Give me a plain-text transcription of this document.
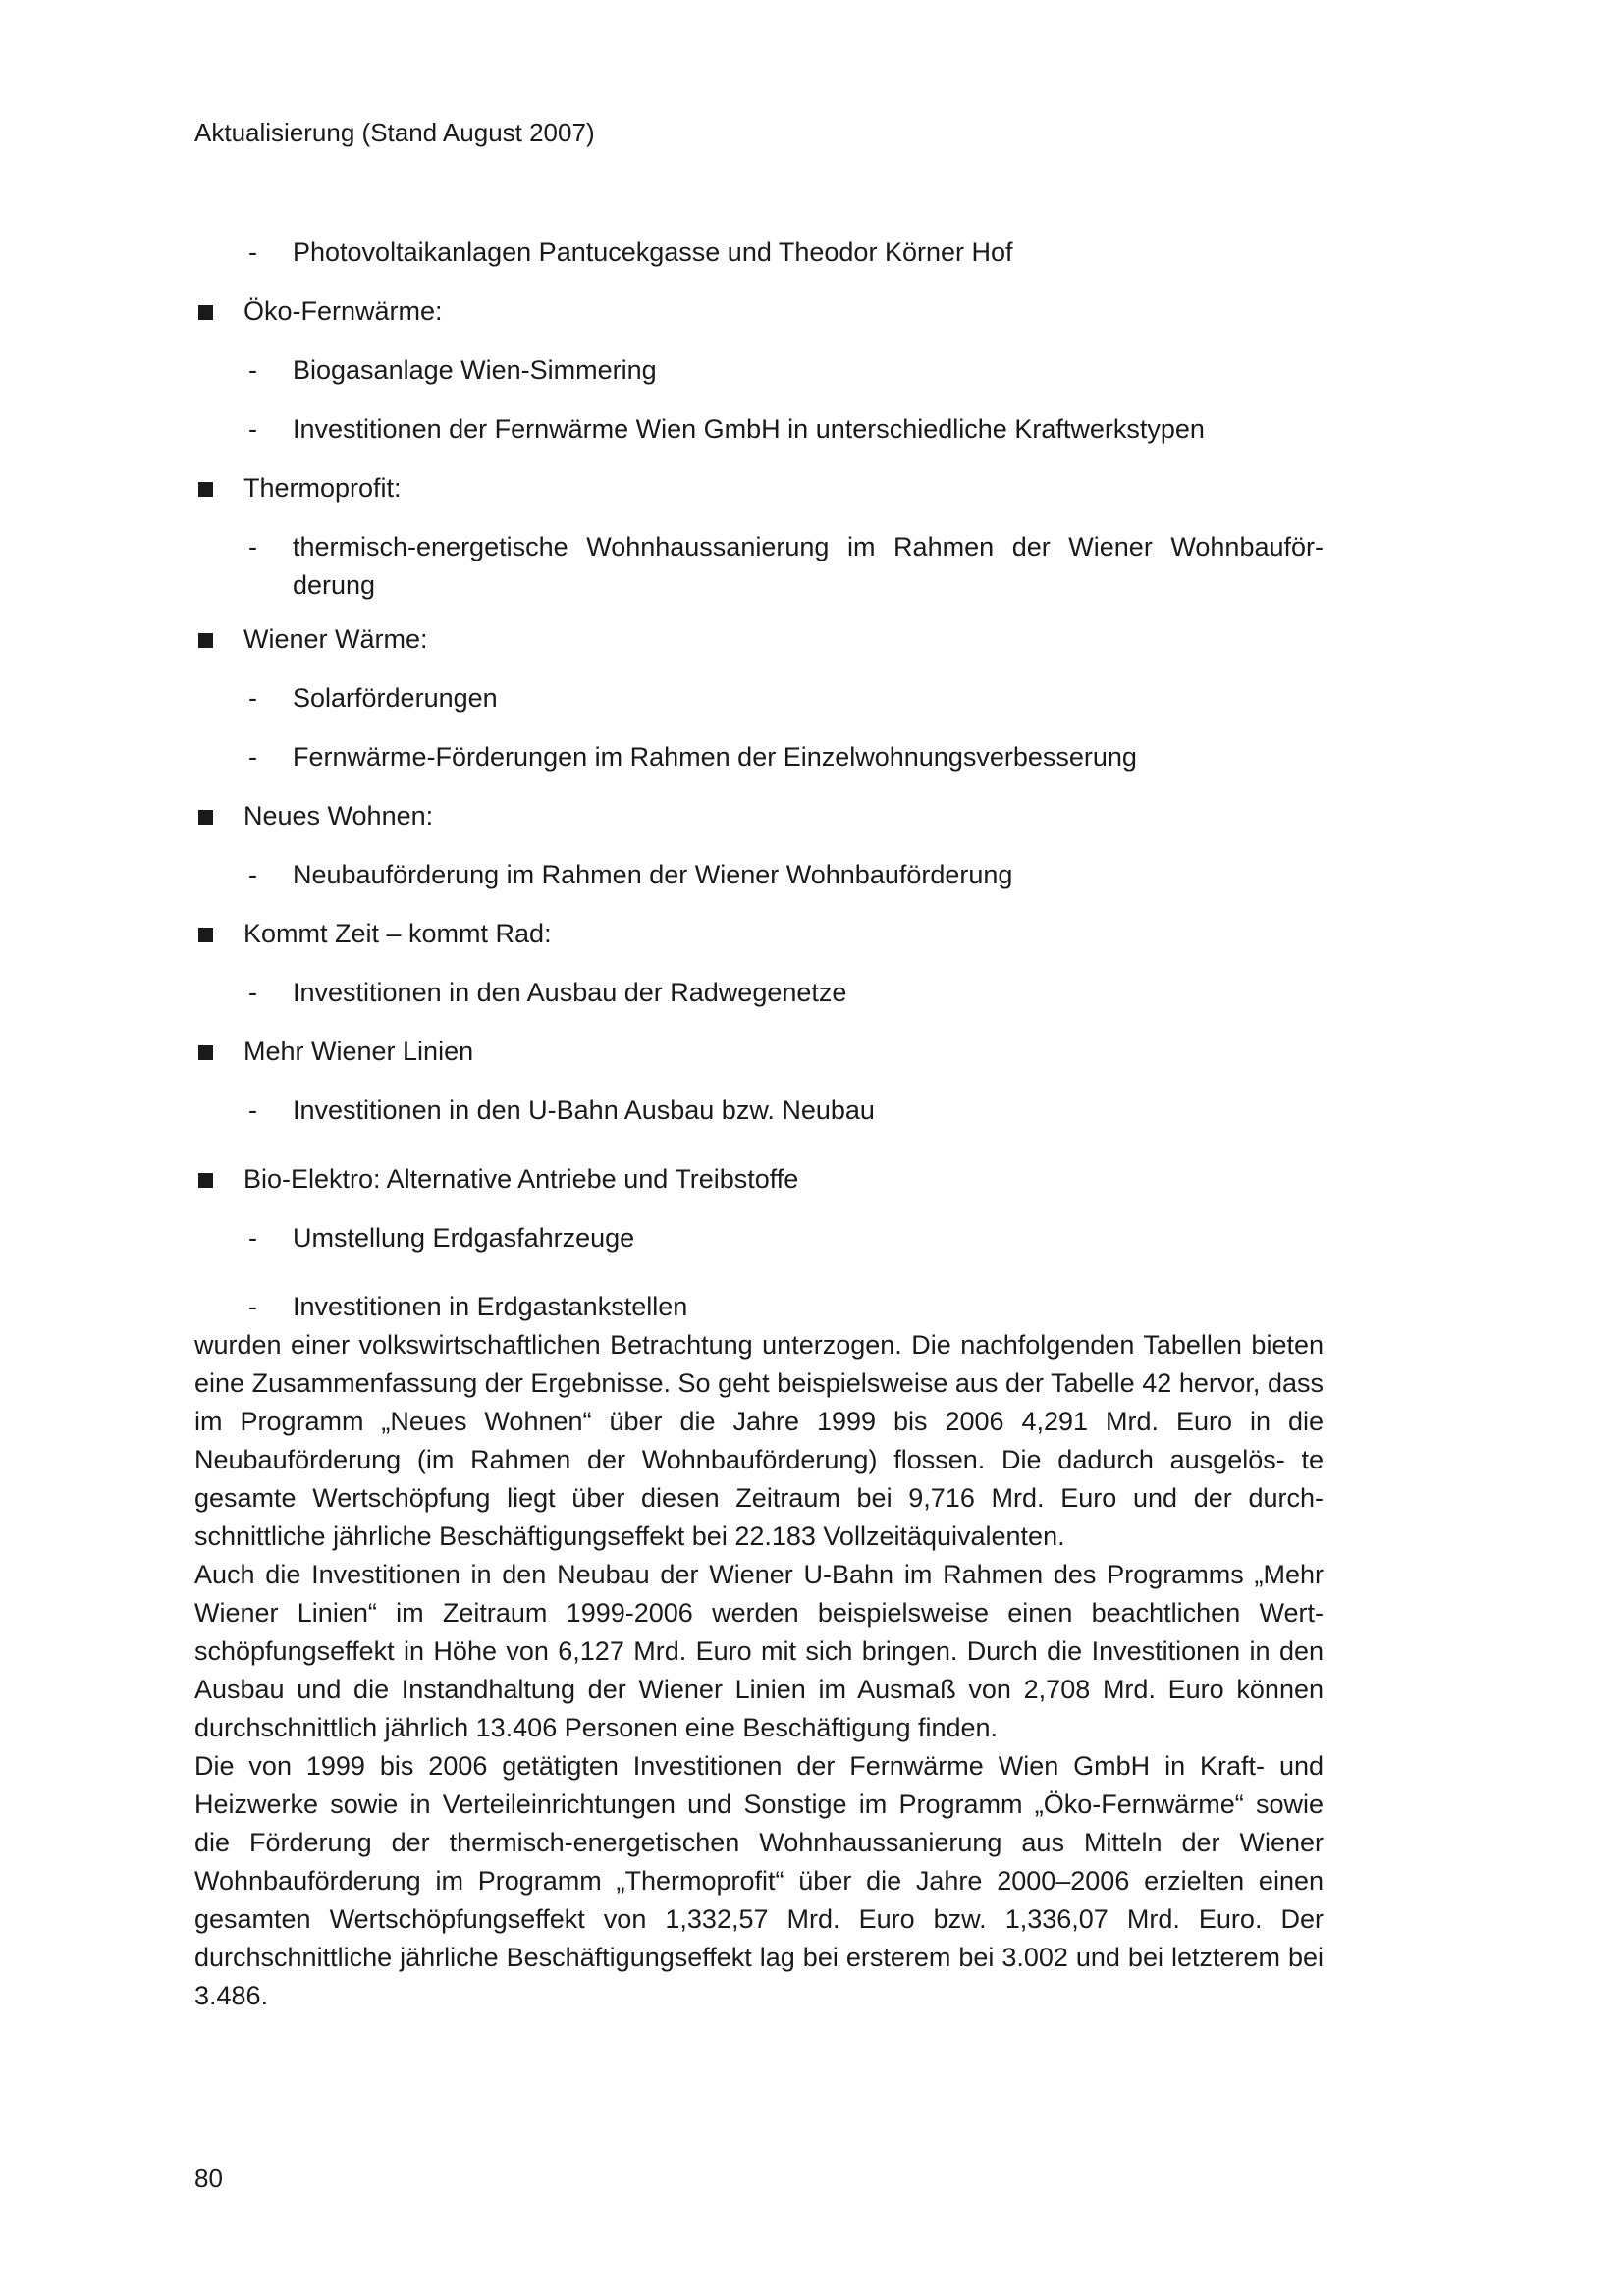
Aktualisierung (Stand August 2007)
- Photovoltaikanlagen Pantucekgasse und Theodor Körner Hof
Öko-Fernwärme:
- Biogasanlage Wien-Simmering
- Investitionen der Fernwärme Wien GmbH in unterschiedliche Kraftwerkstypen
Thermoprofit:
- thermisch-energetische Wohnhaussanierung im Rahmen der Wiener Wohnbauför- derung
Wiener Wärme:
- Solarförderungen
- Fernwärme-Förderungen im Rahmen der Einzelwohnungsverbesserung
Neues Wohnen:
- Neubauförderung im Rahmen der Wiener Wohnbauförderung
Kommt Zeit – kommt Rad:
- Investitionen in den Ausbau der Radwegenetze
Mehr Wiener Linien
- Investitionen in den U-Bahn Ausbau bzw. Neubau
Bio-Elektro: Alternative Antriebe und Treibstoffe
- Umstellung Erdgasfahrzeuge
- Investitionen in Erdgastankstellen

wurden einer volkswirtschaftlichen Betrachtung unterzogen. Die nachfolgenden Tabellen bieten eine Zusammenfassung der Ergebnisse. So geht beispielsweise aus der Tabelle 42 hervor, dass im Programm „Neues Wohnen“ über die Jahre 1999 bis 2006 4,291 Mrd. Euro in die Neubauförderung (im Rahmen der Wohnbauförderung) flossen. Die dadurch ausgelös- te gesamte Wertschöpfung liegt über diesen Zeitraum bei 9,716 Mrd. Euro und der durch- schnittliche jährliche Beschäftigungseffekt bei 22.183 Vollzeitäquivalenten.

Auch die Investitionen in den Neubau der Wiener U-Bahn im Rahmen des Programms „Mehr Wiener Linien“ im Zeitraum 1999-2006 werden beispielsweise einen beachtlichen Wert- schöpfungseffekt in Höhe von 6,127 Mrd. Euro mit sich bringen. Durch die Investitionen in den Ausbau und die Instandhaltung der Wiener Linien im Ausmaß von 2,708 Mrd. Euro können durchschnittlich jährlich 13.406 Personen eine Beschäftigung finden.

Die von 1999 bis 2006 getätigten Investitionen der Fernwärme Wien GmbH in Kraft- und Heizwerke sowie in Verteileinrichtungen und Sonstige im Programm „Öko-Fernwärme“ sowie die Förderung der thermisch-energetischen Wohnhaussanierung aus Mitteln der Wiener Wohnbauförderung im Programm „Thermoprofit“ über die Jahre 2000–2006 erzielten einen gesamten Wertschöpfungseffekt von 1,332,57 Mrd. Euro bzw. 1,336,07 Mrd. Euro. Der durchschnittliche jährliche Beschäftigungseffekt lag bei ersterem bei 3.002 und bei letzterem bei 3.486.

80
